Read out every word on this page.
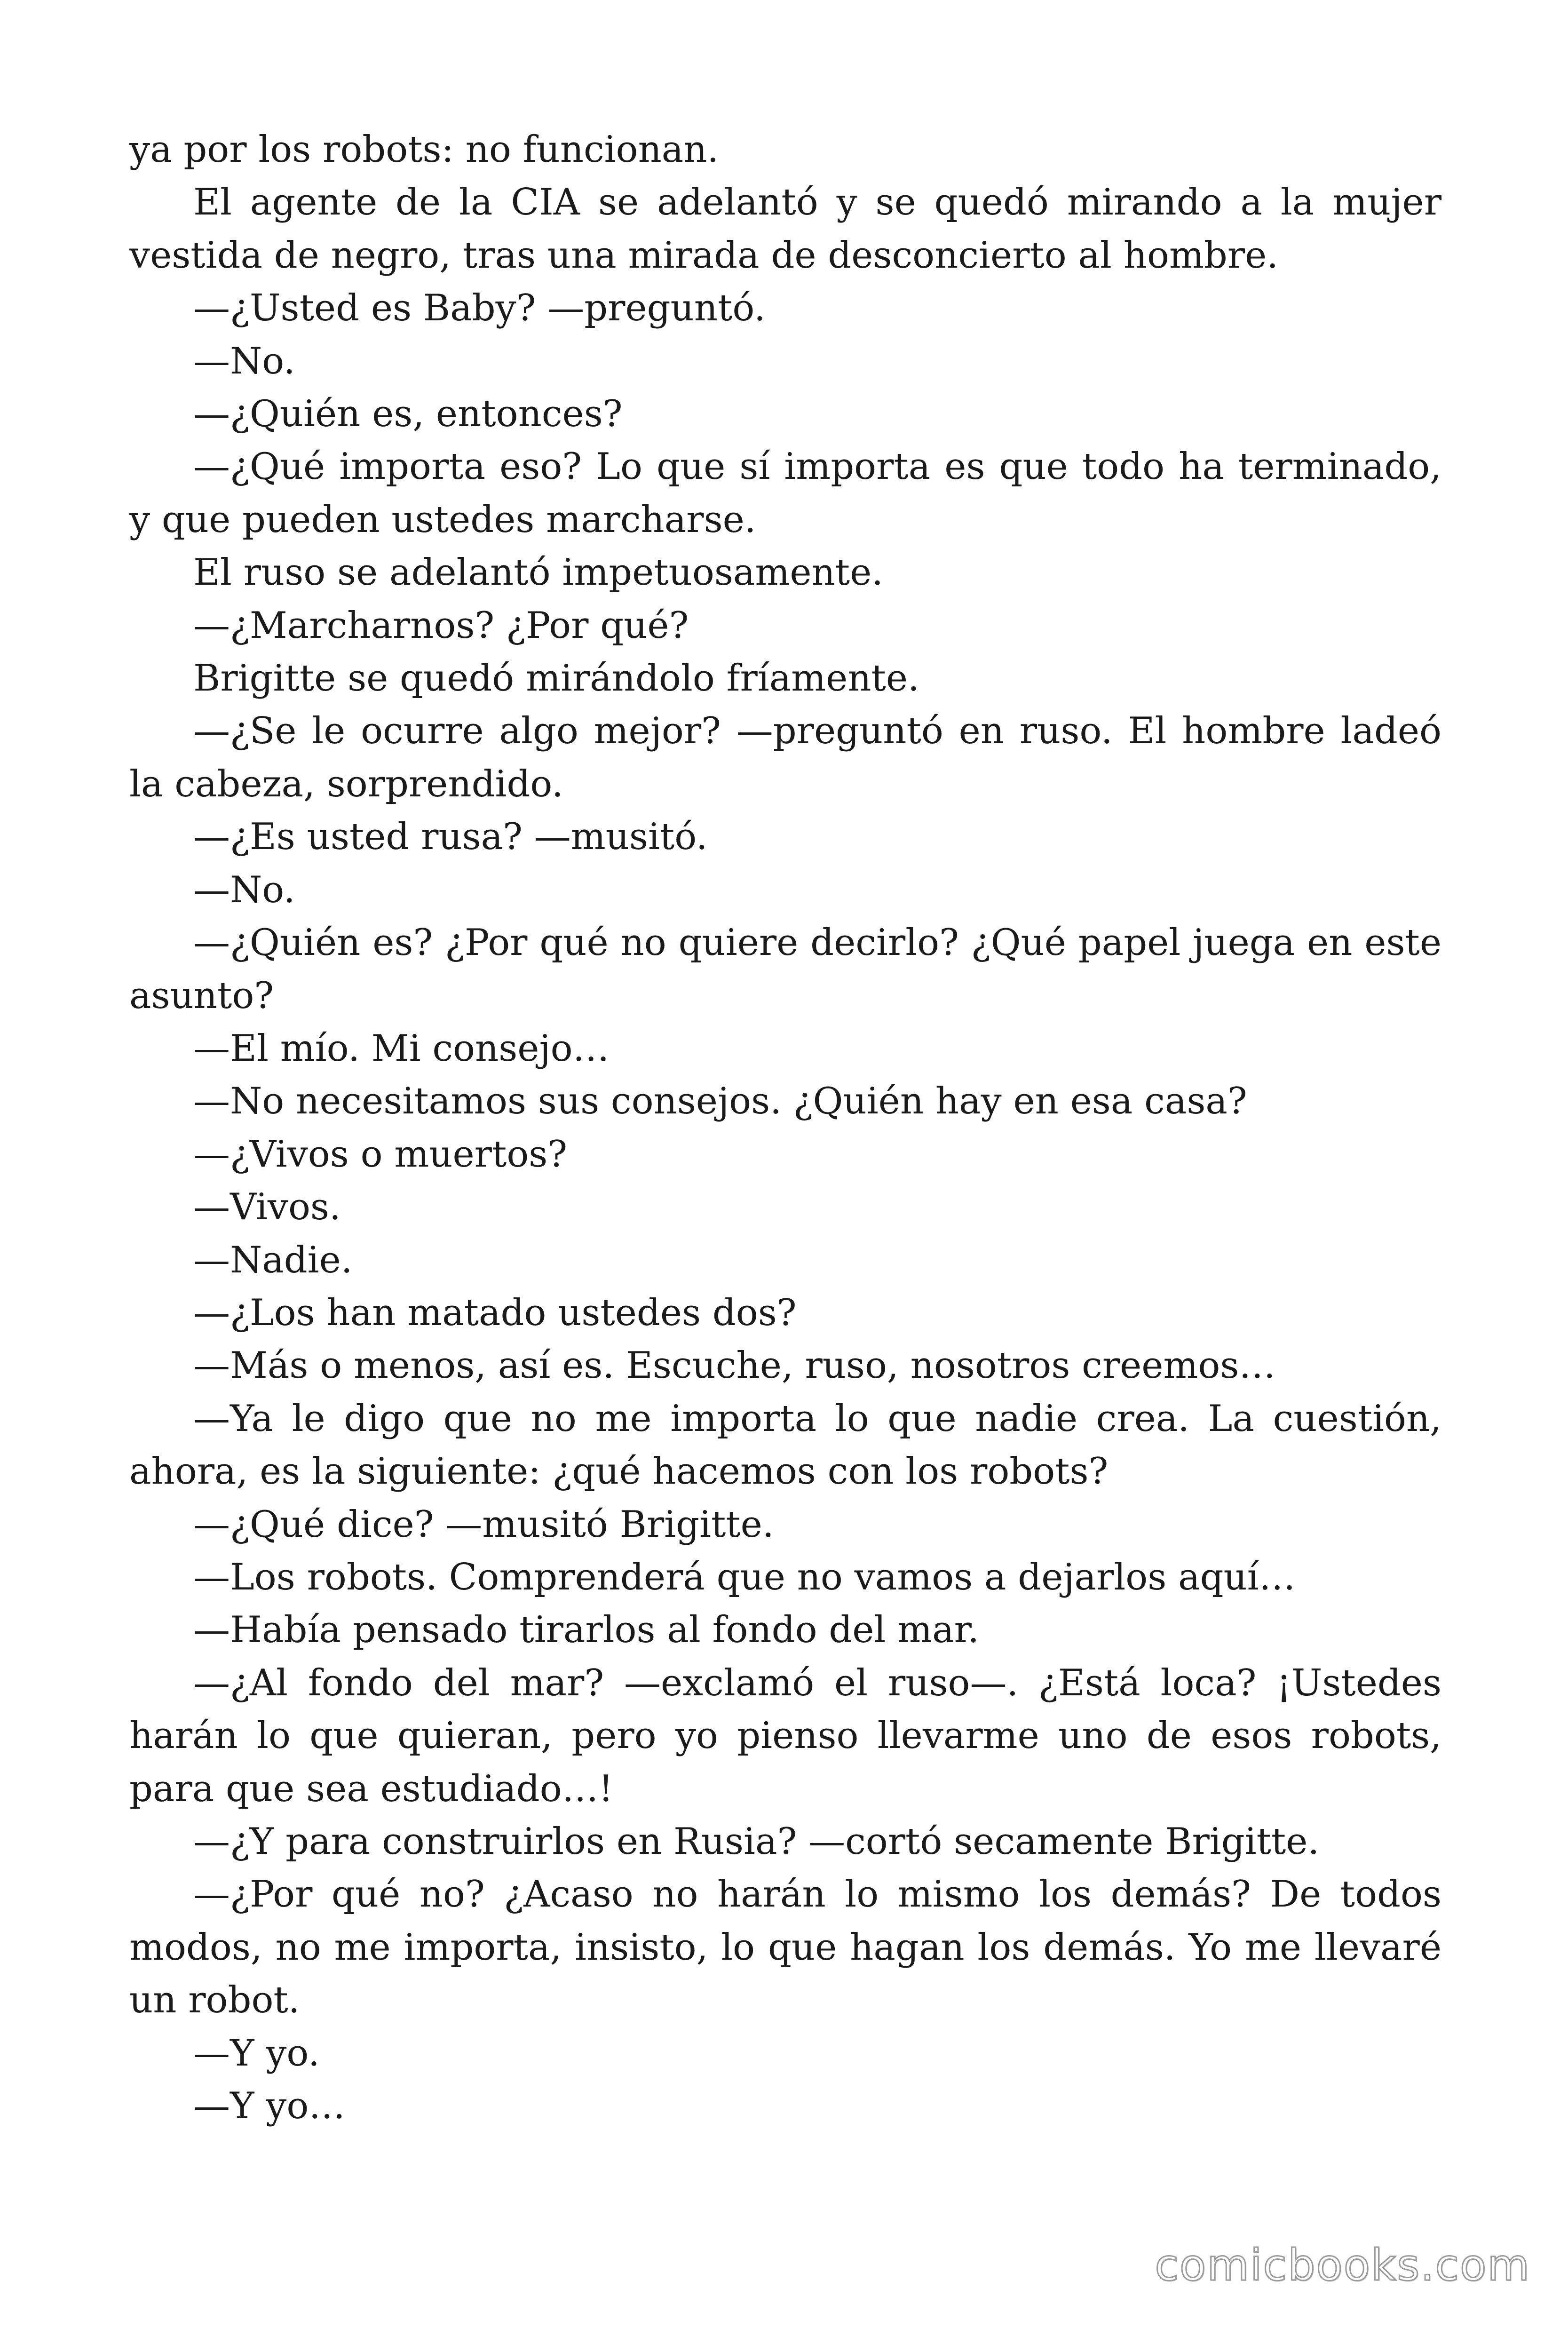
ya por los robots: no funcionan.

El agente de la CIA se adelantó y se quedó mirando a la mujer vestida de negro, tras una mirada de desconcierto al hombre.

—¿Usted es Baby? —preguntó.

—No.

—¿Quién es, entonces?

—¿Qué importa eso? Lo que sí importa es que todo ha terminado, y que pueden ustedes marcharse.

El ruso se adelantó impetuosamente.

—¿Marcharnos? ¿Por qué?

Brigitte se quedó mirándolo fríamente.

—¿Se le ocurre algo mejor? —preguntó en ruso. El hombre ladeó la cabeza, sorprendido.

—¿Es usted rusa? —musitó.

—No.

—¿Quién es? ¿Por qué no quiere decirlo? ¿Qué papel juega en este asunto?

—El mío. Mi consejo…

—No necesitamos sus consejos. ¿Quién hay en esa casa?

—¿Vivos o muertos?

—Vivos.

—Nadie.

—¿Los han matado ustedes dos?

—Más o menos, así es. Escuche, ruso, nosotros creemos…

—Ya le digo que no me importa lo que nadie crea. La cuestión, ahora, es la siguiente: ¿qué hacemos con los robots?

—¿Qué dice? —musitó Brigitte.

—Los robots. Comprenderá que no vamos a dejarlos aquí…

—Había pensado tirarlos al fondo del mar.

—¿Al fondo del mar? —exclamó el ruso—. ¿Está loca? ¡Ustedes harán lo que quieran, pero yo pienso llevarme uno de esos robots, para que sea estudiado…!

—¿Y para construirlos en Rusia? —cortó secamente Brigitte.

—¿Por qué no? ¿Acaso no harán lo mismo los demás? De todos modos, no me importa, insisto, lo que hagan los demás. Yo me llevaré un robot.

—Y yo.

—Y yo…

comicbooks.com
